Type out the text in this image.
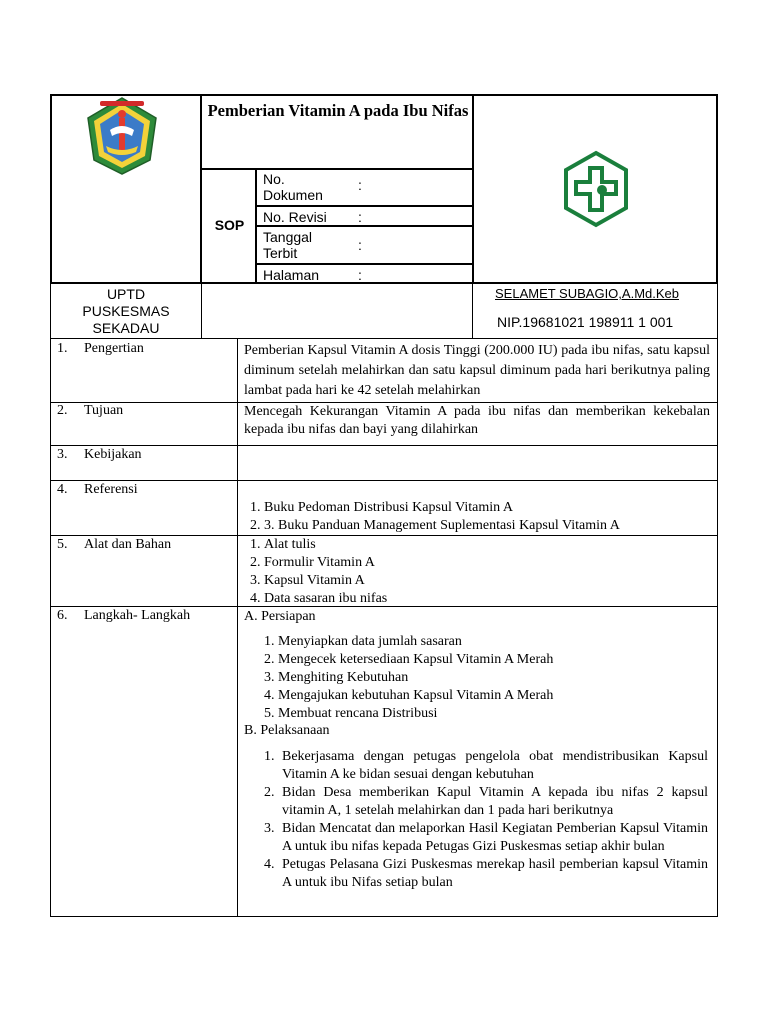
Pemberian Vitamin A pada Ibu Nifas
SOP
No. Dokumen
:
No. Revisi :
Tanggal Terbit	:
Halaman	:
UPTD
PUSKESMAS
SEKADAU
SELAMET SUBAGIO,A.Md.Keb
NIP.19681021 198911 1 001
1. Pengertian
2. Tujuan
3. Kebijakan
4. Referensi
5. Alat dan Bahan
6. Langkah- Langkah
Pemberian Kapsul Vitamin A dosis Tinggi (200.000 IU) pada ibu nifas, satu kapsul diminum setelah melahirkan dan satu kapsul diminum pada hari berikutnya paling lambat pada hari ke 42 setelah melahirkan
Mencegah Kekurangan Vitamin A pada ibu nifas dan memberikan kekebalan kepada ibu nifas dan bayi yang dilahirkan
1. Buku Pedoman Distribusi Kapsul Vitamin A
2. 3. Buku Panduan Management Suplementasi Kapsul Vitamin A
1. Alat tulis
2. Formulir Vitamin A
3. Kapsul Vitamin A
4. Data sasaran ibu nifas
A. Persiapan
1. Menyiapkan data jumlah sasaran
2. Mengecek ketersediaan Kapsul Vitamin A Merah
3. Menghiting Kebutuhan
4. Mengajukan kebutuhan Kapsul Vitamin A Merah
5. Membuat rencana Distribusi
B. Pelaksanaan
1. Bekerjasama dengan petugas pengelola obat mendistribusikan Kapsul Vitamin A ke bidan sesuai dengan kebutuhan
2. Bidan Desa memberikan Kapul Vitamin A kepada ibu nifas 2 kapsul vitamin A, 1 setelah melahirkan dan 1 pada hari berikutnya
3. Bidan Mencatat dan melaporkan Hasil Kegiatan Pemberian Kapsul Vitamin A untuk ibu nifas kepada Petugas Gizi Puskesmas setiap akhir bulan
4. Petugas Pelasana Gizi Puskesmas merekap hasil pemberian kapsul Vitamin A untuk ibu Nifas setiap bulan
